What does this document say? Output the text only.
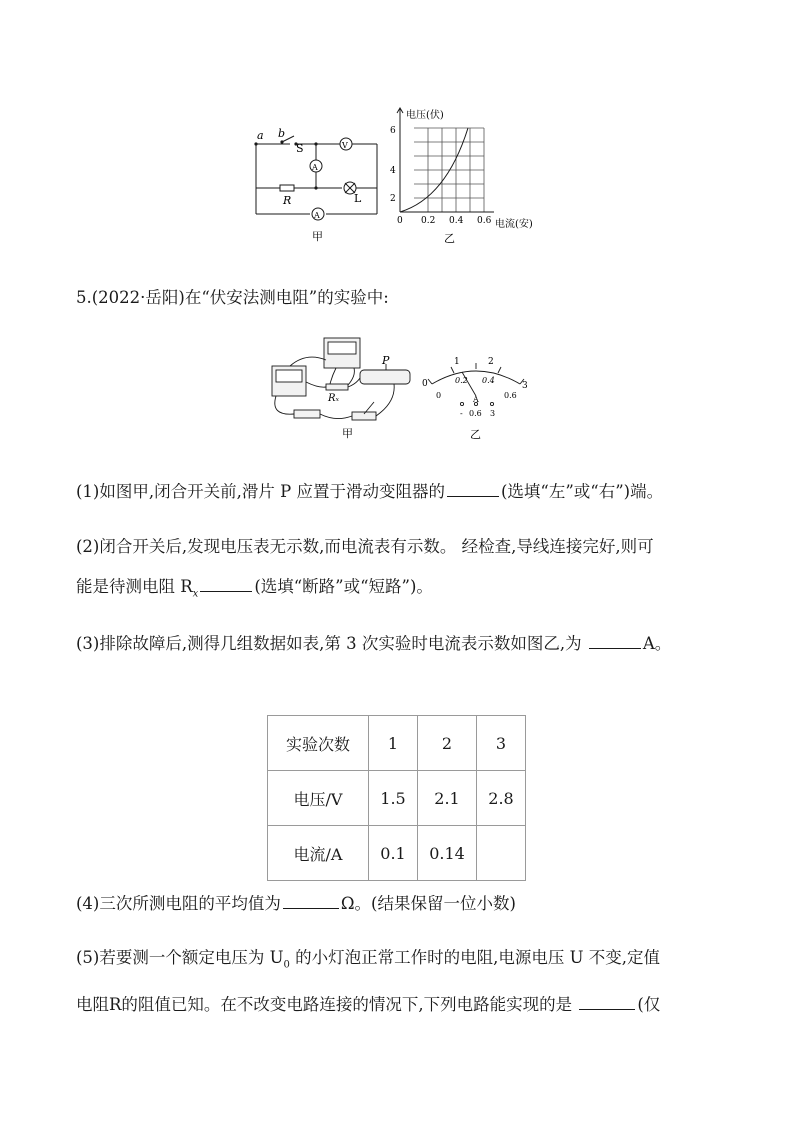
a b
S	V
A
A
R	L
甲
电压(伏)
2
4
6
0 0.2 0.4 0.6 电流(安)
乙
5.(2022·岳阳)在“伏安法测电阻”的实验中:
P
Rₓ
甲
0
1	2
3
0
0.2 0.4
0.6
A
- 0.6 3
乙
(1)如图甲,闭合开关前,滑片 P 应置于滑动变阻器的	(选填“左”或“右”)端。
(2)闭合开关后,发现电压表无示数,而电流表有示数。 经检查,导线连接完好,则可
能是待测电阻 $R_x$	(选填“断路”或“短路”)。
(3)排除故障后,测得几组数据如表,第 3 次实验时电流表示数如图乙,为	A。
实验次数	1	2	3
电压/V	1.5	2.1	2.8
电流/A	0.1	0.14	
(4)三次所测电阻的平均值为	Ω。(结果保留一位小数)
(5)若要测一个额定电压为 $U_0$ 的小灯泡正常工作时的电阻,电源电压 U 不变,定值
电阻R的阻值已知。在不改变电路连接的情况下,下列电路能实现的是	(仅
